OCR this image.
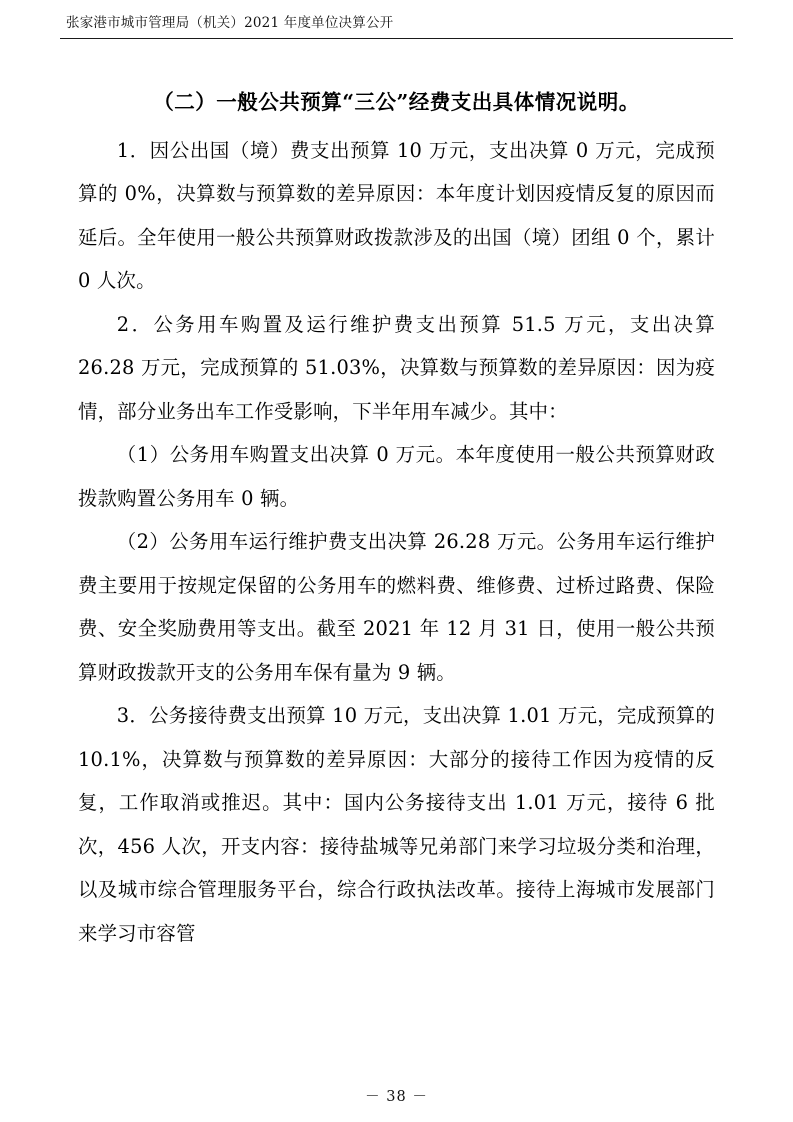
张家港市城市管理局（机关）2021 年度单位决算公开
（二）一般公共预算“三公”经费支出具体情况说明。

1．因公出国（境）费支出预算 10 万元，支出决算 0 万元，完成预算的 0%，决算数与预算数的差异原因：本年度计划因疫情反复的原因而延后。全年使用一般公共预算财政拨款涉及的出国（境）团组 0 个，累计 0 人次。

2．公务用车购置及运行维护费支出预算 51.5 万元，支出决算 26.28 万元，完成预算的 51.03%，决算数与预算数的差异原因：因为疫情，部分业务出车工作受影响，下半年用车减少。其中：

（1）公务用车购置支出决算 0 万元。本年度使用一般公共预算财政拨款购置公务用车 0 辆。

（2）公务用车运行维护费支出决算 26.28 万元。公务用车运行维护费主要用于按规定保留的公务用车的燃料费、维修费、过桥过路费、保险费、安全奖励费用等支出。截至 2021 年 12 月 31 日，使用一般公共预算财政拨款开支的公务用车保有量为 9 辆。

3．公务接待费支出预算 10 万元，支出决算 1.01 万元，完成预算的 10.1%，决算数与预算数的差异原因：大部分的接待工作因为疫情的反复，工作取消或推迟。其中：国内公务接待支出 1.01 万元，接待 6 批次，456 人次，开支内容：接待盐城等兄弟部门来学习垃圾分类和治理，以及城市综合管理服务平台，综合行政执法改革。接待上海城市发展部门来学习市容管

－ 38 －
